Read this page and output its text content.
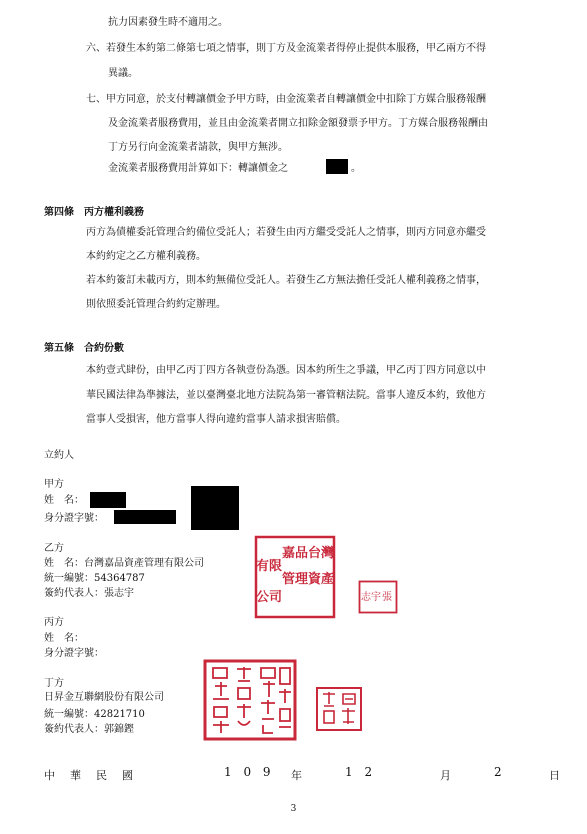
抗力因素發生時不適用之。
六、若發生本約第二條第七項之情事，則丁方及金流業者得停止提供本服務，甲乙兩方不得
異議。
七、甲方同意，於支付轉讓價金予甲方時，由金流業者自轉讓價金中扣除丁方媒合服務報酬
及金流業者服務費用，並且由金流業者開立扣除金額發票予甲方。丁方媒合服務報酬由
丁方另行向金流業者請款，與甲方無涉。
金流業者服務費用計算如下：轉讓價金之	。
第四條　丙方權利義務
丙方為債權委託管理合約備位受託人；若發生由丙方繼受受託人之情事，則丙方同意亦繼受
本約約定之乙方權利義務。
若本約簽訂未載丙方，則本約無備位受託人。若發生乙方無法擔任受託人權利義務之情事，
則依照委託管理合約約定辦理。
第五條　合約份數
本約壹式肆份，由甲乙丙丁四方各執壹份為憑。因本約所生之爭議，甲乙丙丁四方同意以中
華民國法律為準據法，並以臺灣臺北地方法院為第一審管轄法院。當事人違反本約，致他方
當事人受損害，他方當事人得向違約當事人請求損害賠償。
立約人
甲方
姓　名：
身分證字號：
乙方
姓　名：台灣嘉品資產管理有限公司
統一編號：54364787
簽約代表人：張志宇
台灣
嘉品
資產
管理
有限
公司	張
志宇
丙方
姓　名：
身分證字號：
丁方
日昇金互聯網股份有限公司
統一編號：42821710
簽約代表人：郭錦鏗
中 華 民 國	1 0 9 年	1 2	月	2	日
3
